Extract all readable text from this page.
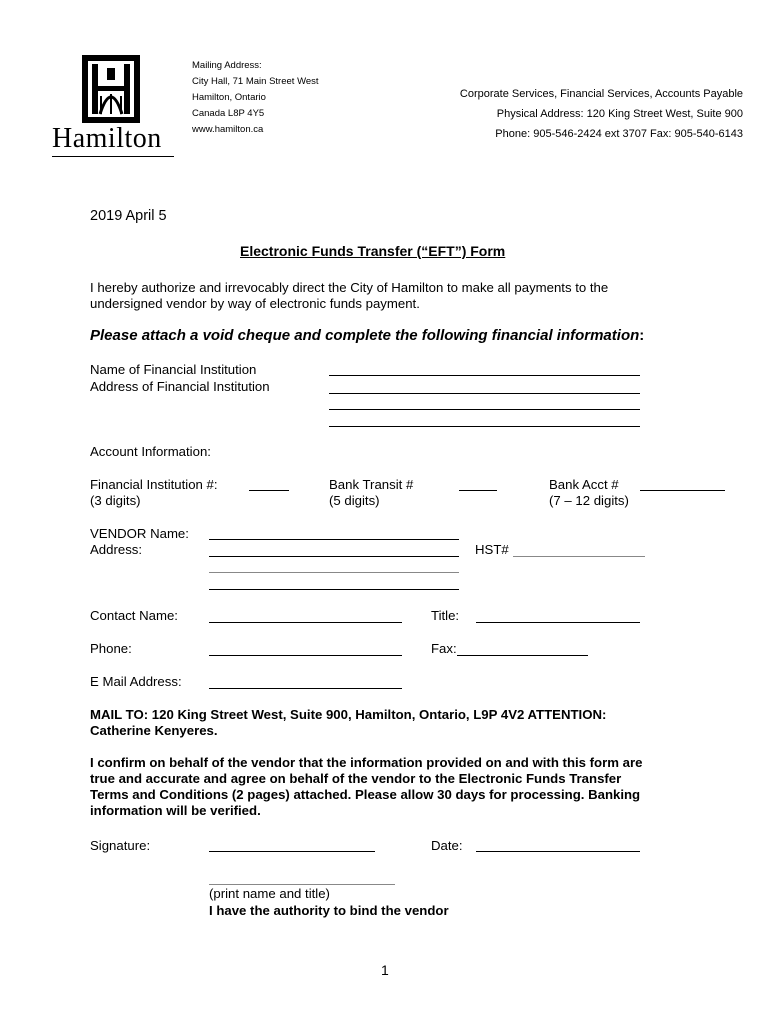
Hamilton
Mailing Address:
City Hall, 71 Main Street West
Hamilton, Ontario
Canada L8P 4Y5
www.hamilton.ca
Corporate Services, Financial Services, Accounts Payable
Physical Address: 120 King Street West, Suite 900
Phone: 905-546-2424 ext 3707 Fax: 905-540-6143
2019 April 5
Electronic Funds Transfer (“EFT”) Form
I hereby authorize and irrevocably direct the City of Hamilton to make all payments to the
undersigned vendor by way of electronic funds payment.
Please attach a void cheque and complete the following financial information:
Name of Financial Institution
Address of Financial Institution
Account Information:
Financial Institution #:
(3 digits)
Bank Transit #
(5 digits)
Bank Acct #
(7 – 12 digits)
VENDOR Name:
Address:	HST#
Contact Name:	Title:
Phone:	Fax:
E Mail Address:
MAIL TO: 120 King Street West, Suite 900, Hamilton, Ontario, L9P 4V2 ATTENTION:
Catherine Kenyeres.
I confirm on behalf of the vendor that the information provided on and with this form are
true and accurate and agree on behalf of the vendor to the Electronic Funds Transfer
Terms and Conditions (2 pages) attached. Please allow 30 days for processing. Banking
information will be verified.
Signature:	Date:
(print name and title)
I have the authority to bind the vendor
1
